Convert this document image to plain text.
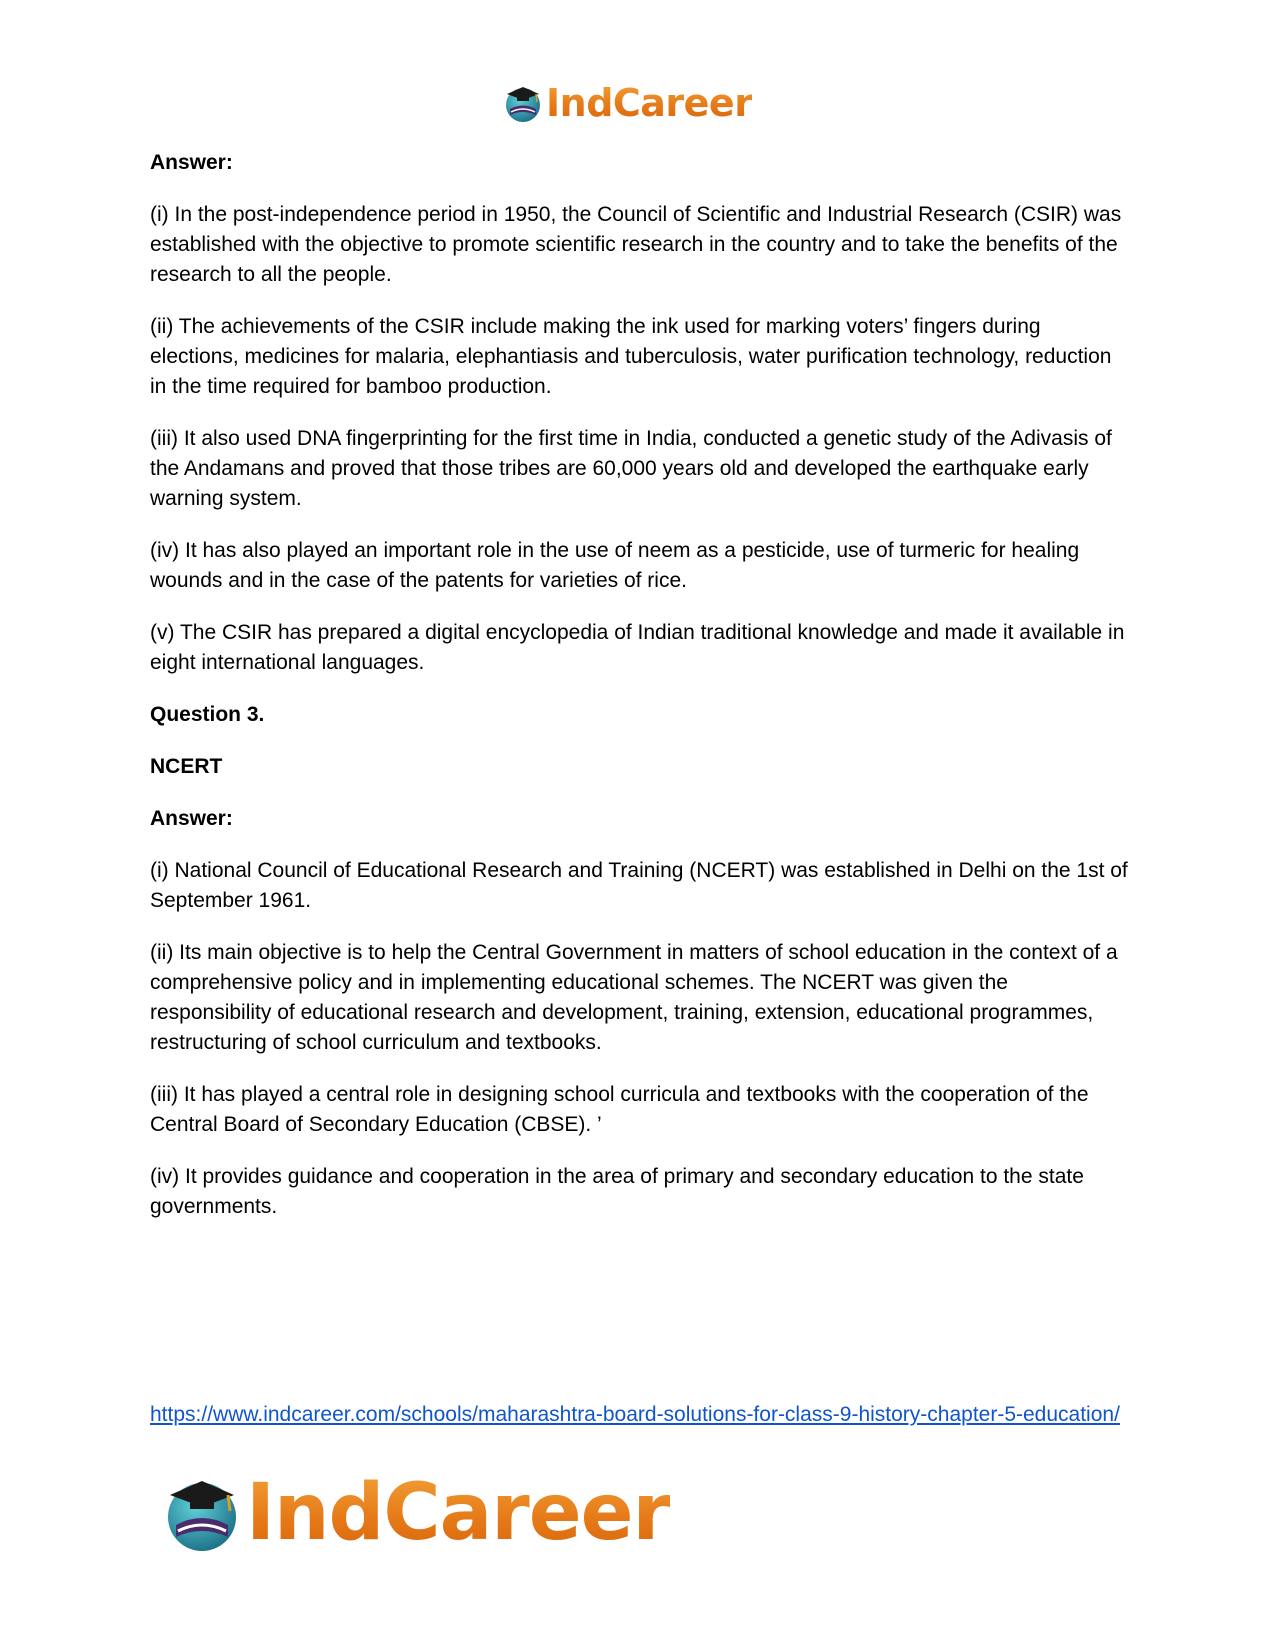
IndCareer

Answer:

(i) In the post-independence period in 1950, the Council of Scientific and Industrial Research (CSIR) was established with the objective to promote scientific research in the country and to take the benefits of the research to all the people.

(ii) The achievements of the CSIR include making the ink used for marking voters’ fingers during elections, medicines for malaria, elephantiasis and tuberculosis, water purification technology, reduction in the time required for bamboo production.

(iii) It also used DNA fingerprinting for the first time in India, conducted a genetic study of the Adivasis of the Andamans and proved that those tribes are 60,000 years old and developed the earthquake early warning system.

(iv) It has also played an important role in the use of neem as a pesticide, use of turmeric for healing wounds and in the case of the patents for varieties of rice.

(v) The CSIR has prepared a digital encyclopedia of Indian traditional knowledge and made it available in eight international languages.

Question 3.

NCERT

Answer:

(i) National Council of Educational Research and Training (NCERT) was established in Delhi on the 1st of September 1961.

(ii) Its main objective is to help the Central Government in matters of school education in the context of a comprehensive policy and in implementing educational schemes. The NCERT was given the responsibility of educational research and development, training, extension, educational programmes, restructuring of school curriculum and textbooks.

(iii) It has played a central role in designing school curricula and textbooks with the cooperation of the Central Board of Secondary Education (CBSE). ’

(iv) It provides guidance and cooperation in the area of primary and secondary education to the state governments.

https://www.indcareer.com/schools/maharashtra-board-solutions-for-class-9-history-chapter-5-education/
IndCareer
